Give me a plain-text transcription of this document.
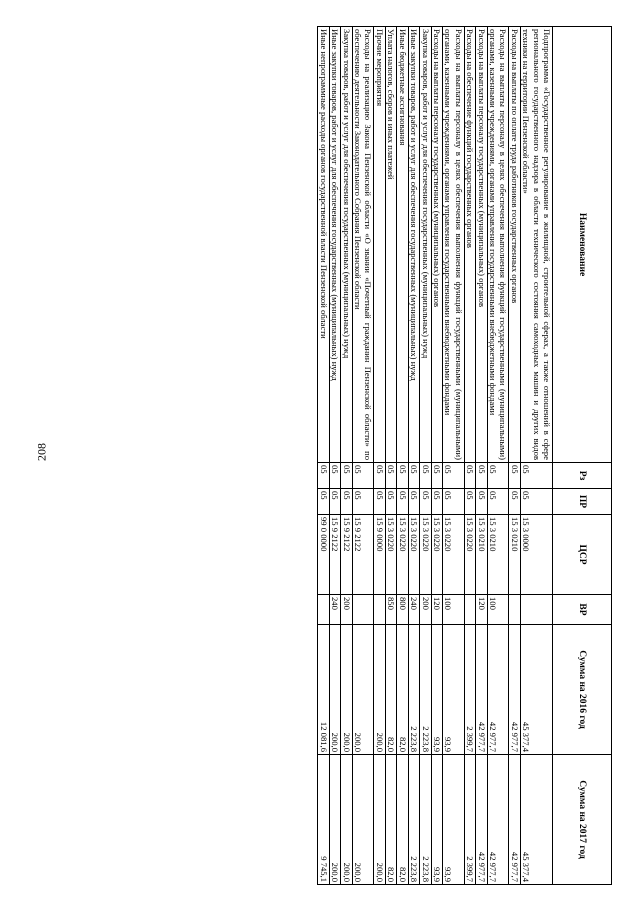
208
Наименование	Рз	ПР	ЦСР	ВР	Сумма на 2016 год	Сумма на 2017 год
Подпрограмма «Государственное регулирование в жилищной, строительной сферах, а также отношений в сфере регионального государственного надзора в области технического состояния самоходных машин и других видов техники на территории Пензенской области»	05	05	15 3 0000		45 377,4	45 377,4
Расходы на выплаты по оплате труда работников государственных органов	05	05	15 3 0210		42 977,7	42 977,7
Расходы на выплаты персоналу в целях обеспечения выполнения функций государственными (муниципальными) органами, казенными учреждениями, органами управления государственными внебюджетными фондами	05	05	15 3 0210	100	42 977,7	42 977,7
Расходы на выплаты персоналу государственных (муниципальных) органов	05	05	15 3 0210	120	42 977,7	42 977,7
Расходы на обеспечение функций государственных органов	05	05	15 3 0220		2 399,7	2 399,7
Расходы на выплаты персоналу в целях обеспечения выполнения функций государственными (муниципальными) органами, казенными учреждениями, органами управления государственными внебюджетными фондами	05	05	15 3 0220	100	93,9	93,9
Расходы на выплаты персоналу государственных (муниципальных) органов	05	05	15 3 0220	120	93,9	93,9
Закупка товаров, работ и услуг для обеспечения государственных (муниципальных) нужд	05	05	15 3 0220	200	2 223,8	2 223,8
Иные закупки товаров, работ и услуг для обеспечения государственных (муниципальных) нужд	05	05	15 3 0220	240	2 223,8	2 223,8
Иные бюджетные ассигнования	05	05	15 3 0220	800	82,0	82,0
Уплата налогов, сборов и иных платежей	05	05	15 3 0220	850	82,0	82,0
Прочие мероприятия	05	05	15 9 0000		200,0	200,0
Расходы на реализацию Закона Пензенской области «О звании «Почетный гражданин Пензенской области» по обеспечению деятельности Законодательного Собрания Пензенской области	05	05	15 9 2122		200,0	200,0
Закупка товаров, работ и услуг для обеспечения государственных (муниципальных) нужд	05	05	15 9 2122	200	200,0	200,0
Иные закупки товаров, работ и услуг для обеспечения государственных (муниципальных) нужд	05	05	15 9 2122	240	200,0	200,0
Иные непрограммные расходы органов государственной власти Пензенской области	05	05	99 0 0000		12 081,6	9 745,1
